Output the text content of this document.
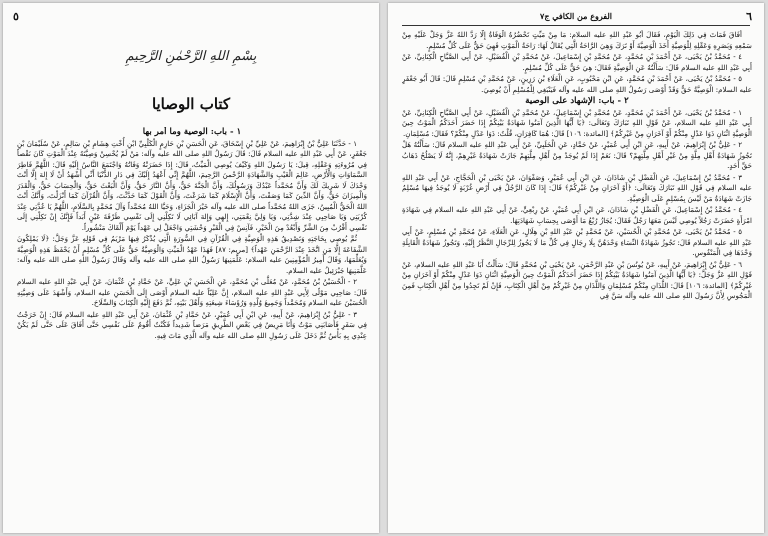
٥
بِسْمِ اللهِ الرَّحْمٰنِ الرَّحِيمِ
كتاب الوصايا

١ - باب: الوصية وما أمر بها

١ - حَدَّثَنَا عَلِيُّ بْنُ إِبْرَاهِيمَ، عَنْ عَلِيِّ بْنِ إِسْحَاقَ، عَنِ الْحَسَنِ بْنِ حَازِمٍ الْكَلْبِيِّ ابْنِ أُخْتِ هِشَامِ بْنِ سَالِمٍ، عَنْ سُلَيْمَانَ بْنِ جَعْفَرٍ، عَنْ أَبِي عَبْدِ اللهِ عليه السلام قَالَ: قَالَ رَسُولُ اللهِ صلى الله عليه وآله: مَنْ لَمْ يُحْسِنْ وَصِيَّتَهُ عِنْدَ الْمَوْتِ كَانَ نَقْصاً فِي مُرُوءَتِهِ وَعَقْلِهِ، قِيلَ: يَا رَسُولَ اللهِ وَكَيْفَ يُوصِي الْمَيِّتُ، قَالَ: إِذَا حَضَرَتْهُ وَفَاتُهُ وَاجْتَمَعَ النَّاسُ إِلَيْهِ قَالَ: اللَّهُمَّ فَاطِرَ السَّمَاوَاتِ وَالْأَرْضِ، عَالِمَ الْغَيْبِ وَالشَّهَادَةِ الرَّحْمنَ الرَّحِيمَ، اللَّهُمَّ إِنِّي أَعْهَدُ إِلَيْكَ فِي دَارِ الدُّنْيَا أَنِّي أَشْهَدُ أَنْ لَا إِلهَ إِلَّا أَنْتَ وَحْدَكَ لَا شَرِيكَ لَكَ وَأَنَّ مُحَمَّداً عَبْدُكَ وَرَسُولُكَ، وَأَنَّ الْجَنَّةَ حَقٌّ، وَأَنَّ النَّارَ حَقٌّ، وَأَنَّ الْبَعْثَ حَقٌّ، وَالْحِسَابَ حَقٌّ، وَالْقَدَرَ وَالْمِيزَانَ حَقٌّ، وَأَنَّ الدِّينَ كَمَا وَصَفْتَ، وَأَنَّ الْإِسْلَامَ كَمَا شَرَعْتَ، وَأَنَّ الْقَوْلَ كَمَا حَدَّثْتَ، وَأَنَّ الْقُرْآنَ كَمَا أَنْزَلْتَ، وَأَنَّكَ أَنْتَ اللهُ الْحَقُّ الْمُبِينُ، جَزَى اللهُ مُحَمَّداً صلى الله عليه وآله خَيْرَ الْجَزَاءِ، وَحَيَّا اللهُ مُحَمَّداً وَآلَ مُحَمَّدٍ بِالسَّلَامِ، اللَّهُمَّ يَا عُدَّتِي عِنْدَ كُرْبَتِي وَيَا صَاحِبِي عِنْدَ شِدَّتِي، وَيَا وَلِيَّ نِعْمَتِي، إِلهِي وَإِلهَ آبَائِي لَا تَكِلْنِي إِلَى نَفْسِي طَرْفَةَ عَيْنٍ أَبَداً فَإِنَّكَ إِنْ تَكِلْنِي إِلَى نَفْسِي أَقْرُبْ مِنَ الشَّرِّ وَأَبْعُدْ مِنَ الْخَيْرِ، فَآنِسْ فِي الْقَبْرِ وَحْشَتِي وَاجْعَلْ لِي عَهْداً يَوْمَ أَلْقَاكَ مَنْشُوراً.

ثُمَّ يُوصِي بِحَاجَتِهِ وَتَصْدِيقُ هَذِهِ الْوَصِيَّةِ فِي الْقُرْآنِ فِي السُّورَةِ الَّتِي يُذْكَرُ فِيهَا مَرْيَمُ فِي قَوْلِهِ عَزَّ وَجَلَّ: ﴿لَا يَمْلِكُونَ الشَّفَاعَةَ إِلَّا مَنِ اتَّخَذَ عِنْدَ الرَّحْمَنِ عَهْداً﴾ [مريم: ٨٧] فَهَذَا عَهْدُ الْمَيِّتِ وَالْوَصِيَّةُ حَقٌّ عَلَى كُلِّ مُسْلِمٍ أَنْ يَحْفَظَ هَذِهِ الْوَصِيَّةَ وَيُعَلِّمَهَا، وَقَالَ أَمِيرُ الْمُؤْمِنِينَ عليه السلام: عَلَّمَنِيهَا رَسُولُ اللهِ صلى الله عليه وآله وَقَالَ رَسُولُ اللهِ صلى الله عليه وآله: عَلَّمَنِيهَا جَبْرَئِيلُ عليه السلام.

٢ - الْحُسَيْنُ بْنُ مُحَمَّدٍ، عَنْ مُعَلَّى بْنِ مُحَمَّدٍ، عَنِ الْحَسَنِ بْنِ عَلِيٍّ، عَنْ حَمَّادِ بْنِ عُثْمَانَ، عَنْ أَبِي عَبْدِ اللهِ عليه السلام قَالَ: صَاحِبِي مَوْلًى لِأَبِي عَبْدِ اللهِ عليه السلام، إِنَّ عَلِيّاً عليه السلام أَوْصَى إِلَى الْحَسَنِ عليه السلام، وَأَشْهَدَ عَلَى وَصِيَّتِهِ الْحُسَيْنَ عليه السلام وَمُحَمَّداً وَجَمِيعَ وُلْدِهِ وَرُؤَسَاءَ شِيعَتِهِ وَأَهْلَ بَيْتِهِ، ثُمَّ دَفَعَ إِلَيْهِ الْكِتَابَ وَالسِّلَاحَ.

٣ - عَلِيُّ بْنُ إِبْرَاهِيمَ، عَنْ أَبِيهِ، عَنِ ابْنِ أَبِي عُمَيْرٍ، عَنْ حَمَّادِ بْنِ عُثْمَانَ، عَنْ أَبِي عَبْدِ اللهِ عليه السلام قَالَ: إِنْ خَرَجْتُ فِي سَفَرٍ فَأَصَابَنِي مَوْتٌ وَأَنَا مَرِيضٌ فِي بَعْضِ الطَّرِيقِ مَرَضاً شَدِيداً فَكُنْتُ أَقُومُ عَلَى نَفْسِي حَتَّى أَفَاقَ عَلَى حَتَّى لَمْ يَكُنْ عِنْدِي بِهِ بَأْسٌ ثُمَّ دَخَلَ عَلَى رَسُولِ اللهِ صلى الله عليه وآله الَّذِي مَاتَ فِيهِ.

٦
الفروع من الكافي ج٧

أَفَاقَ فَمَاتَ فِي ذَلِكَ الْيَوْمِ، فَقَالَ أَبُو عَبْدِ اللهِ عليه السلام: مَا مِنْ مَيِّتٍ تَحْضُرُهُ الْوَفَاةُ إِلَّا رَدَّ اللهُ عَزَّ وَجَلَّ عَلَيْهِ مِنْ سَمْعِهِ وَبَصَرِهِ وَعَقْلِهِ لِلْوَصِيَّةِ أَخَذَ الْوَصِيَّةَ أَوْ تَرَكَ وَهِيَ الرَّاحَةُ الَّتِي يُقَالُ لَهَا: رَاحَةُ الْمَوْتِ فَهِيَ حَقٌّ عَلَى كُلِّ مُسْلِمٍ.

٤ - مُحَمَّدُ بْنُ يَحْيَى، عَنْ أَحْمَدَ بْنِ مُحَمَّدٍ، عَنْ مُحَمَّدِ بْنِ إِسْمَاعِيلَ، عَنْ مُحَمَّدِ بْنِ الْفُضَيْلِ، عَنْ أَبِي الصَّبَّاحِ الْكِنَانِيِّ، عَنْ أَبِي عَبْدِ اللهِ عليه السلام قَالَ: سَأَلْتُهُ عَنِ الْوَصِيَّةِ فَقَالَ: هِيَ حَقٌّ عَلَى كُلِّ مُسْلِمٍ.

٥ - مُحَمَّدُ بْنُ يَحْيَى، عَنْ أَحْمَدَ بْنِ مُحَمَّدٍ، عَنِ ابْنِ مَحْبُوبٍ، عَنِ الْعَلَاءِ بْنِ رَزِينٍ، عَنْ مُحَمَّدِ بْنِ مُسْلِمٍ قَالَ: قَالَ أَبُو جَعْفَرٍ عليه السلام: الْوَصِيَّةُ حَقٌّ وَقَدْ أَوْصَى رَسُولُ اللهِ صلى الله عليه وآله فَيَنْبَغِي لِلْمُسْلِمِ أَنْ يُوصِيَ.

٢ - باب: الإشهاد على الوصية

١ - مُحَمَّدُ بْنُ يَحْيَى، عَنْ أَحْمَدَ بْنِ مُحَمَّدٍ، عَنْ مُحَمَّدِ بْنِ إِسْمَاعِيلَ، عَنْ مُحَمَّدِ بْنِ الْفُضَيْلِ، عَنْ أَبِي الصَّبَّاحِ الْكِنَانِيِّ، عَنْ أَبِي عَبْدِ اللهِ عليه السلام، عَنْ قَوْلِ اللهِ تَبَارَكَ وَتَعَالَى: ﴿يَا أَيُّهَا الَّذِينَ آمَنُوا شَهَادَةُ بَيْنِكُمْ إِذَا حَضَرَ أَحَدَكُمُ الْمَوْتُ حِينَ الْوَصِيَّةِ اثْنَانِ ذَوَا عَدْلٍ مِنْكُمْ أَوْ آخَرَانِ مِنْ غَيْرِكُمْ﴾ [المائدة: ١٠٦] قَالَ: هُمَا كَافِرَانِ، قُلْتُ: ذَوَا عَدْلٍ مِنْكُمْ؟ فَقَالَ: مُسْلِمَانِ.

٢ - عَلِيُّ بْنُ إِبْرَاهِيمَ، عَنْ أَبِيهِ، عَنِ ابْنِ أَبِي عُمَيْرٍ، عَنْ حَمَّادٍ، عَنِ الْحَلَبِيِّ، عَنْ أَبِي عَبْدِ اللهِ عليه السلام قَالَ: سَأَلْتُهُ هَلْ تَجُوزُ شَهَادَةُ أَهْلِ مِلَّةٍ مِنْ غَيْرِ أَهْلِ مِلَّتِهِمْ؟ قَالَ: نَعَمْ إِذَا لَمْ يُوجَدْ مِنْ أَهْلِ مِلَّتِهِمْ جَازَتْ شَهَادَةُ غَيْرِهِمْ، إِنَّهُ لَا يَصْلُحُ ذَهَابُ حَقِّ أَحَدٍ.

٣ - مُحَمَّدُ بْنُ إِسْمَاعِيلَ، عَنِ الْفَضْلِ بْنِ شَاذَانَ، عَنِ ابْنِ أَبِي عُمَيْرٍ، وَصَفْوَانَ، عَنْ يَحْيَى بْنِ الْحَجَّاجِ، عَنْ أَبِي عَبْدِ اللهِ عليه السلام فِي قَوْلِ اللهِ تَبَارَكَ وَتَعَالَى: ﴿أَوْ آخَرَانِ مِنْ غَيْرِكُمْ﴾ قَالَ: إِذَا كَانَ الرَّجُلُ فِي أَرْضِ غُرْبَةٍ لَا يُوجَدُ فِيهَا مُسْلِمٌ جَازَتْ شَهَادَةُ مَنْ لَيْسَ بِمُسْلِمٍ عَلَى الْوَصِيَّةِ.

٤ - مُحَمَّدُ بْنُ إِسْمَاعِيلَ، عَنِ الْفَضْلِ بْنِ شَاذَانَ، عَنِ ابْنِ أَبِي عُمَيْرٍ، عَنْ رِبْعِيٍّ، عَنْ أَبِي عَبْدِ اللهِ عليه السلام فِي شَهَادَةِ امْرَأَةٍ حَضَرَتْ رَجُلاً يُوصِي لَيْسَ مَعَهَا رَجُلٌ فَقَالَ: يُجَازُ رُبْعُ مَا أَوْصَى بِحِسَابِ شَهَادَتِهَا.

٥ - مُحَمَّدُ بْنُ يَحْيَى، عَنْ مُحَمَّدِ بْنِ الْحُسَيْنِ، عَنْ مُحَمَّدِ بْنِ عَبْدِ اللهِ بْنِ هِلَالٍ، عَنِ الْعَلَاءِ، عَنْ مُحَمَّدِ بْنِ مُسْلِمٍ، عَنْ أَبِي عَبْدِ اللهِ عليه السلام قَالَ: تَجُوزُ شَهَادَةُ النِّسَاءِ وَحْدَهُنَّ بِلَا رِجَالٍ فِي كُلِّ مَا لَا يَجُوزُ لِلرِّجَالِ النَّظَرُ إِلَيْهِ، وَتَجُوزُ شَهَادَةُ الْقَابِلَةِ وَحْدَهَا فِي الْمَنْفُوسِ.

٦ - عَلِيُّ بْنُ إِبْرَاهِيمَ، عَنْ أَبِيهِ، عَنْ يُونُسَ بْنِ عَبْدِ الرَّحْمَنِ، عَنْ يَحْيَى بْنِ مُحَمَّدٍ قَالَ: سَأَلْتُ أَبَا عَبْدِ اللهِ عليه السلام، عَنْ قَوْلِ اللهِ عَزَّ وَجَلَّ: ﴿يَا أَيُّهَا الَّذِينَ آمَنُوا شَهَادَةُ بَيْنِكُمْ إِذَا حَضَرَ أَحَدَكُمُ الْمَوْتُ حِينَ الْوَصِيَّةِ اثْنَانِ ذَوَا عَدْلٍ مِنْكُمْ أَوْ آخَرَانِ مِنْ غَيْرِكُمْ﴾ [المائدة: ١٠٦] قَالَ: اللَّذَانِ مِنْكُمْ مُسْلِمَانِ وَاللَّذَانِ مِنْ غَيْرِكُمْ مِنْ أَهْلِ الْكِتَابِ، فَإِنْ لَمْ تَجِدُوا مِنْ أَهْلِ الْكِتَابِ فَمِنَ الْمَجُوسِ لِأَنَّ رَسُولَ اللهِ صلى الله عليه وآله سَنَّ فِي
